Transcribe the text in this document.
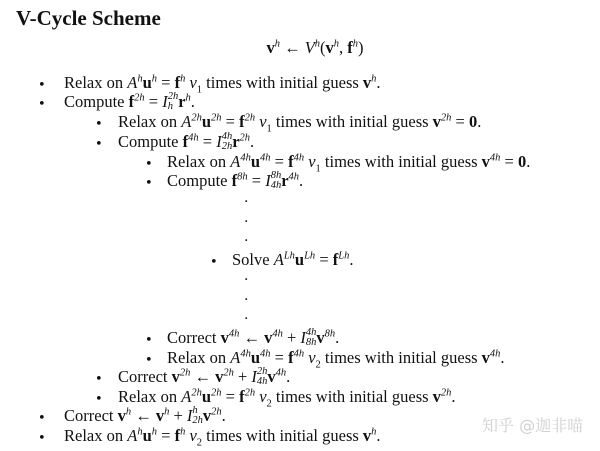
V-Cycle Scheme
$v^h$ ← $V^h(v^h$, $f^h$)
• Relax on $A^hu^h = f^h$ $\nu_1$ times with initial guess $v^h$.
• Compute $f^{2h} = I$ 2h
h $r^h$.
• Relax on $A^{2h}u^{2h} = f^{2h}$ $\nu_1$ times with initial guess $v^{2h} = 0$.
• Compute $f^{4h} = I$ 4h
2h $r^{2h}$.
• Relax on $A^{4h}u^{4h} = f^{4h}$ $\nu_1$ times with initial guess $v^{4h} = 0$.
• Compute $f^{8h} = I$ 8h
4h $r^{4h}$.
.
.
.
• Solve $A^{Lh}u^{Lh} = f^{Lh}$.
.
.
.
• Correct $v^{4h}$ ← $v^{4h} + I$ 4h
8h $v^{8h}$.
• Relax on $A^{4h}u^{4h} = f^{4h}$ $\nu_2$ times with initial guess $v^{4h}$.
• Correct $v^{2h}$ ← $v^{2h} + I$ 2h
4h $v^{4h}$.
• Relax on $A^{2h}u^{2h} = f^{2h}$ $\nu_2$ times with initial guess $v^{2h}$.
• Correct $v^h$ ← $v^h + I$ h
2h $v^{2h}$.
• Relax on $A^hu^h = f^h$ $\nu_2$ times with initial guess $v^h$.
知乎 @迦非喵
